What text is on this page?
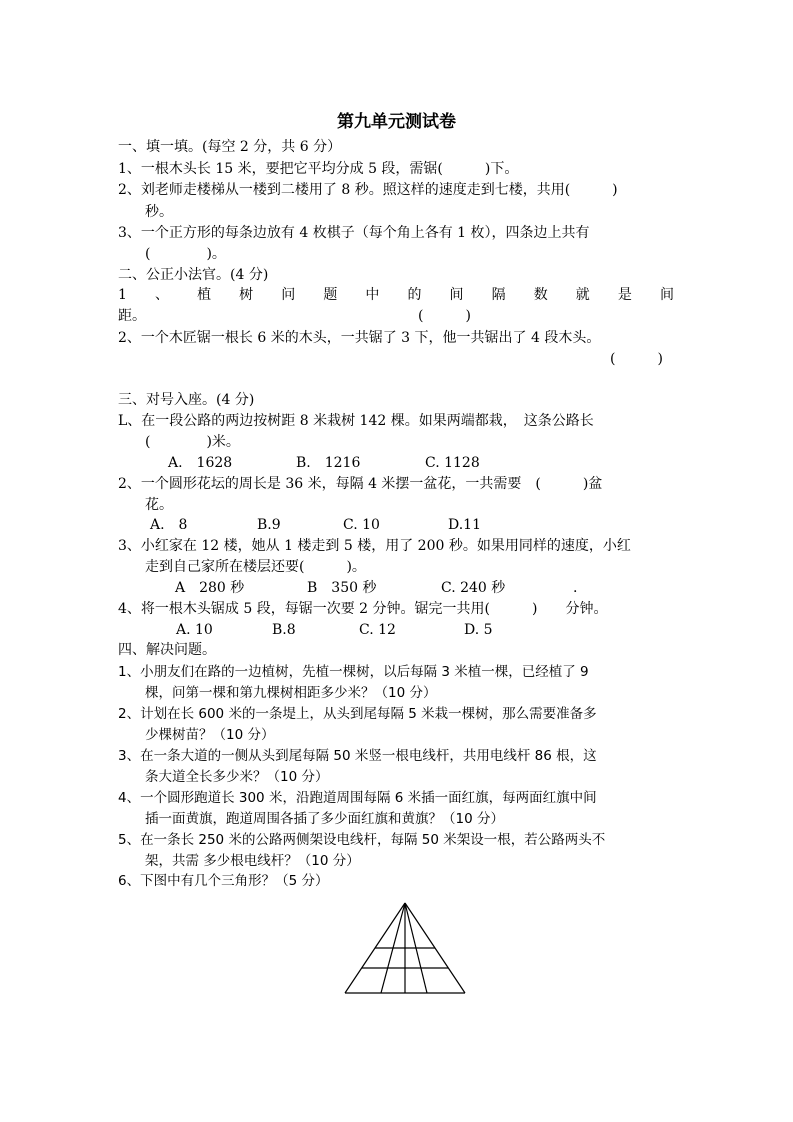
第九单元测试卷
一、填一填。(每空 2 分，共 6 分）
1、一根木头长 15 米，要把它平均分成 5 段，需锯(　　　)下。
2、刘老师走楼梯从一楼到二楼用了 8 秒。照这样的速度走到七楼，共用(　　　)
秒。
3、一个正方形的每条边放有 4 枚棋子（每个角上各有 1 枚），四条边上共有
(　　　　)。
二、公正小法官。(4 分)
1 、 植 树 问 题 中 的 间 隔 数 就 是 间
距。	(　　　)
2、一个木匠锯一根长 6 米的木头，一共锯了 3 下，他一共锯出了 4 段木头。
(　　　)
三、对号入座。(4 分)
L、在一段公路的两边按树距 8 米栽树 142 棵。如果两端都栽，　这条公路长
(　　　　)米。
A.　1628	B.　1216	C. 1128
2、一个圆形花坛的周长是 36 米，每隔 4 米摆一盆花，一共需要　(　　　)盆
花。
A.　8	B.9	C. 10	D.11
3、小红家在 12 楼，她从 1 楼走到 5 楼，用了 200 秒。如果用同样的速度，小红
走到自己家所在楼层还要(　　　)。
A　280 秒	B　350 秒	C. 240 秒	.
4、将一根木头锯成 5 段，每锯一次要 2 分钟。锯完一共用(　　　)　　分钟。
A. 10	B.8	C. 12	D. 5
四、解决问题。
1、小朋友们在路的一边植树，先植一棵树，以后每隔 3 米植一棵，已经植了 9
棵，问第一棵和第九棵树相距多少米？（10 分）
2、计划在长 600 米的一条堤上，从头到尾每隔 5 米栽一棵树，那么需要准备多
少棵树苗？（10 分）
3、在一条大道的一侧从头到尾每隔 50 米竖一根电线杆，共用电线杆 86 根，这
条大道全长多少米？（10 分）
4、一个圆形跑道长 300 米，沿跑道周围每隔 6 米插一面红旗，每两面红旗中间
插一面黄旗，跑道周围各插了多少面红旗和黄旗？（10 分）
5、在一条长 250 米的公路两侧架设电线杆，每隔 50 米架设一根，若公路两头不
架，共需 多少根电线杆？（10 分）
6、下图中有几个三角形？（5 分）
